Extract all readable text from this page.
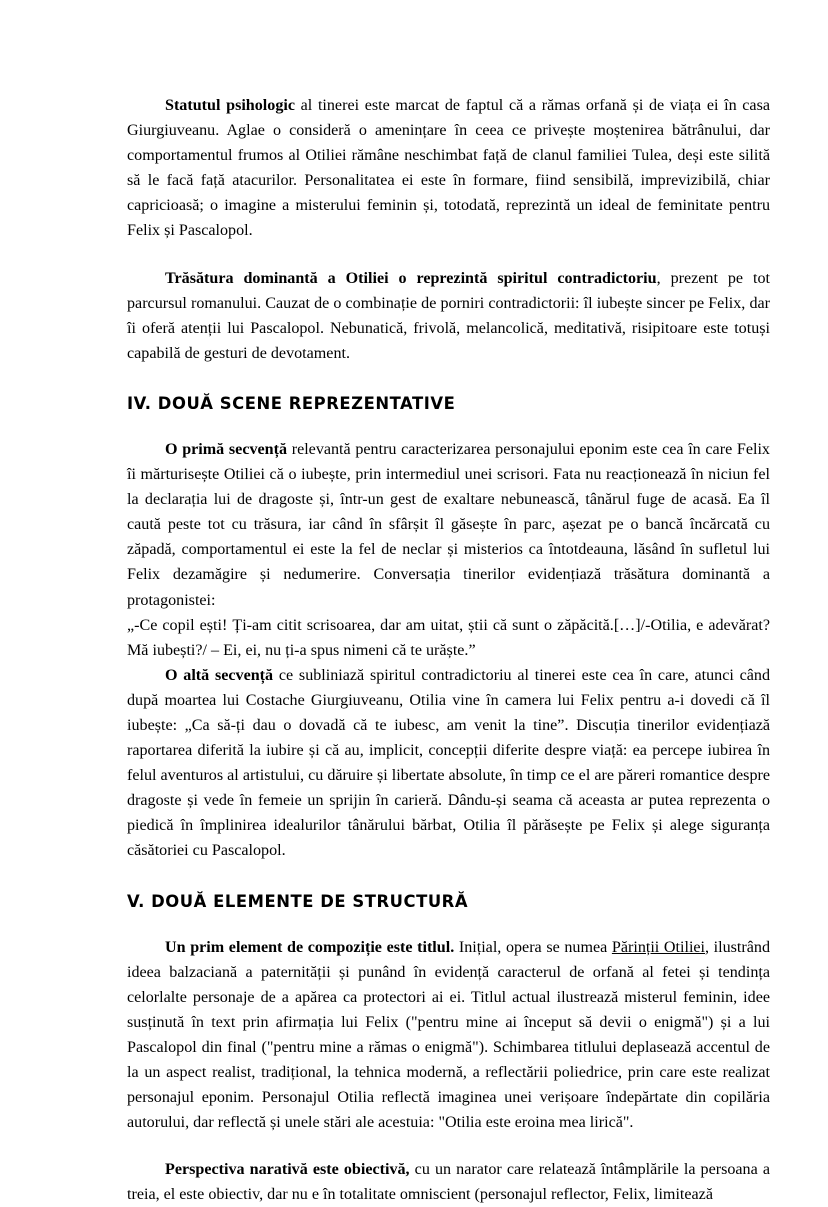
Statutul psihologic al tinerei este marcat de faptul că a rămas orfană și de viața ei în casa Giurgiuveanu. Aglae o consideră o amenințare în ceea ce privește moștenirea bătrânului, dar comportamentul frumos al Otiliei rămâne neschimbat față de clanul familiei Tulea, deși este silită să le facă față atacurilor. Personalitatea ei este în formare, fiind sensibilă, imprevizibilă, chiar capricioasă; o imagine a misterului feminin și, totodată, reprezintă un ideal de feminitate pentru Felix și Pascalopol.

Trăsătura dominantă a Otiliei o reprezintă spiritul contradictoriu, prezent pe tot parcursul romanului. Cauzat de o combinație de porniri contradictorii: îl iubește sincer pe Felix, dar îi oferă atenții lui Pascalopol. Nebunatică, frivolă, melancolică, meditativă, risipitoare este totuși capabilă de gesturi de devotament.

IV. DOUĂ SCENE REPREZENTATIVE

O primă secvență relevantă pentru caracterizarea personajului eponim este cea în care Felix îi mărturisește Otiliei că o iubește, prin intermediul unei scrisori. Fata nu reacționează în niciun fel la declarația lui de dragoste și, într-un gest de exaltare nebunească, tânărul fuge de acasă. Ea îl caută peste tot cu trăsura, iar când în sfârșit îl găsește în parc, așezat pe o bancă încărcată cu zăpadă, comportamentul ei este la fel de neclar și misterios ca întotdeauna, lăsând în sufletul lui Felix dezamăgire și nedumerire. Conversația tinerilor evidențiază trăsătura dominantă a protagonistei:

„-Ce copil ești! Ți-am citit scrisoarea, dar am uitat, știi că sunt o zăpăcită.[…]/-Otilia, e adevărat? Mă iubești?/ – Ei, ei, nu ți-a spus nimeni că te urăște.”

O altă secvență ce subliniază spiritul contradictoriu al tinerei este cea în care, atunci când după moartea lui Costache Giurgiuveanu, Otilia vine în camera lui Felix pentru a-i dovedi că îl iubește: „Ca să-ți dau o dovadă că te iubesc, am venit la tine”. Discuția tinerilor evidențiază raportarea diferită la iubire și că au, implicit, concepții diferite despre viață: ea percepe iubirea în felul aventuros al artistului, cu dăruire și libertate absolute, în timp ce el are păreri romantice despre dragoste și vede în femeie un sprijin în carieră. Dându-și seama că aceasta ar putea reprezenta o piedică în împlinirea idealurilor tânărului bărbat, Otilia îl părăsește pe Felix și alege siguranța căsătoriei cu Pascalopol.

V. DOUĂ ELEMENTE DE STRUCTURĂ

Un prim element de compoziție este titlul. Inițial, opera se numea Părinții Otiliei, ilustrând ideea balzaciană a paternității și punând în evidență caracterul de orfană al fetei și tendința celorlalte personaje de a apărea ca protectori ai ei. Titlul actual ilustrează misterul feminin, idee susținută în text prin afirmația lui Felix ("pentru mine ai început să devii o enigmă") și a lui Pascalopol din final ("pentru mine a rămas o enigmă"). Schimbarea titlului deplasează accentul de la un aspect realist, tradițional, la tehnica modernă, a reflectării poliedrice, prin care este realizat personajul eponim. Personajul Otilia reflectă imaginea unei verișoare îndepărtate din copilăria autorului, dar reflectă și unele stări ale acestuia: "Otilia este eroina mea lirică".

Perspectiva narativă este obiectivă, cu un narator care relatează întâmplările la persoana a treia, el este obiectiv, dar nu e în totalitate omniscient (personajul reflector, Felix, limitează
